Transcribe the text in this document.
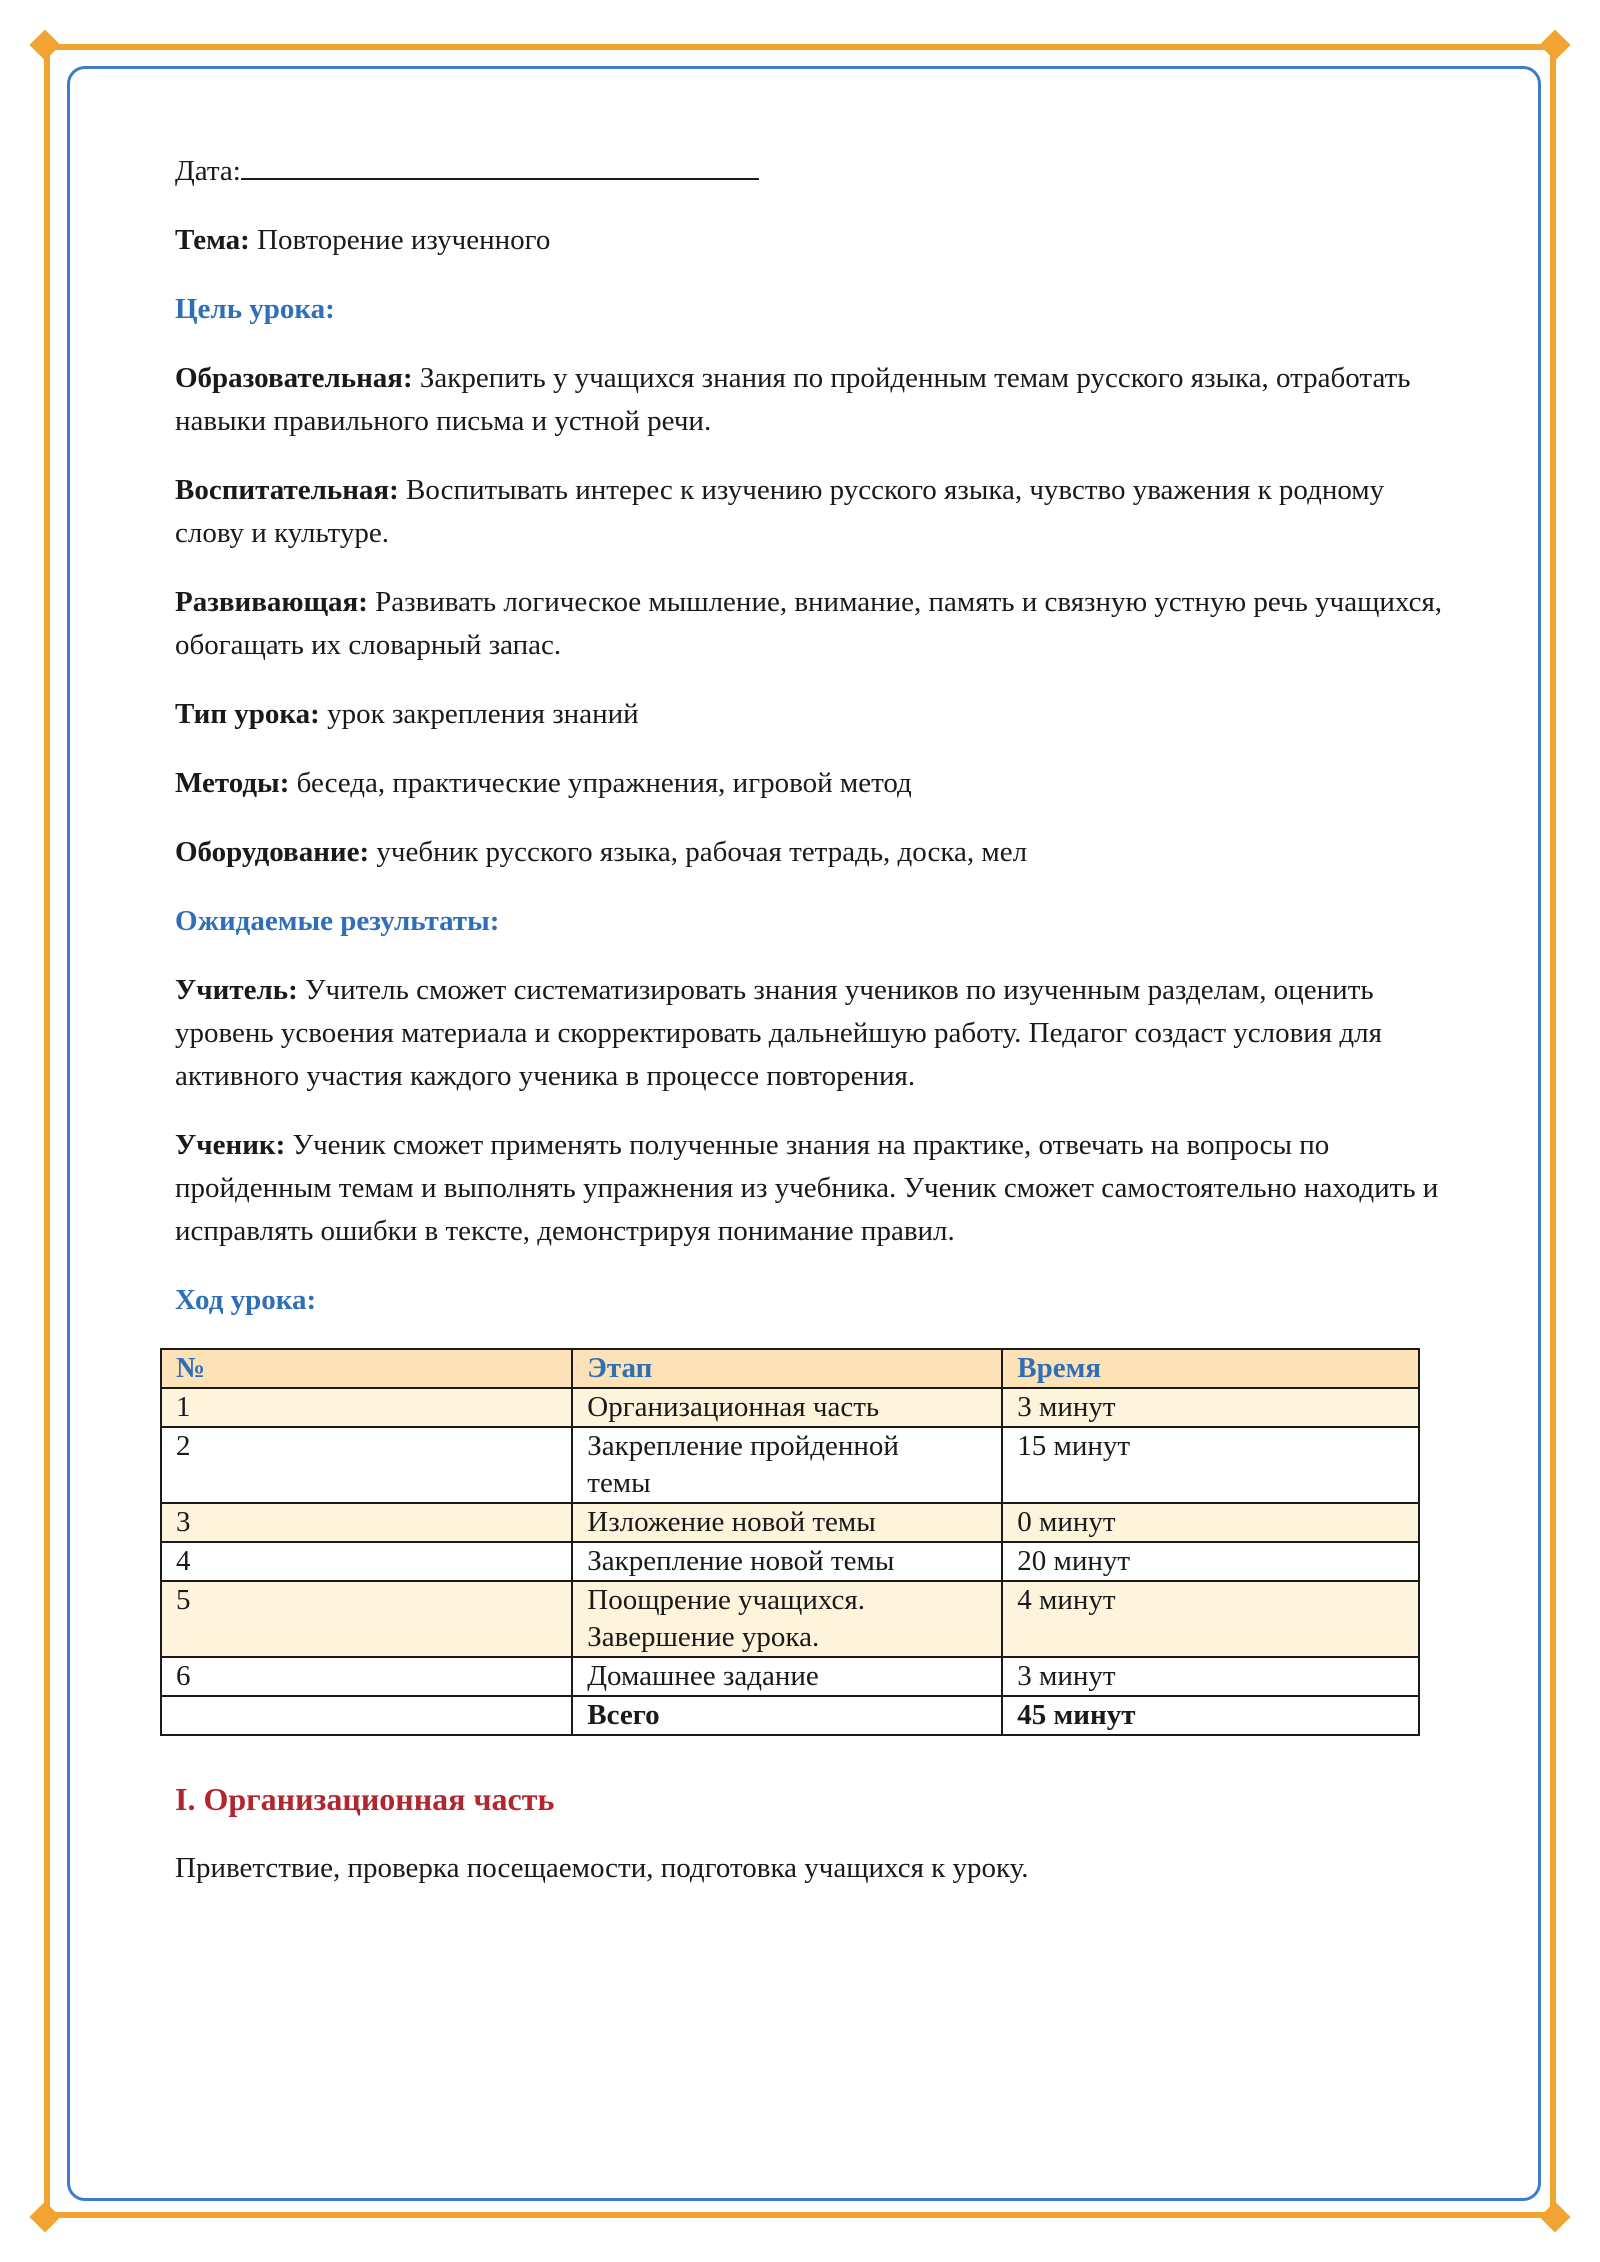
Дата:

Тема: Повторение изученного

Цель урока:

Образовательная: Закрепить у учащихся знания по пройденным темам русского языка, отработать навыки правильного письма и устной речи.

Воспитательная: Воспитывать интерес к изучению русского языка, чувство уважения к родному слову и культуре.

Развивающая: Развивать логическое мышление, внимание, память и связную устную речь учащихся, обогащать их словарный запас.

Тип урока: урок закрепления знаний

Методы: беседа, практические упражнения, игровой метод

Оборудование: учебник русского языка, рабочая тетрадь, доска, мел

Ожидаемые результаты:

Учитель: Учитель сможет систематизировать знания учеников по изученным разделам, оценить уровень усвоения материала и скорректировать дальнейшую работу. Педагог создаст условия для активного участия каждого ученика в процессе повторения.

Ученик: Ученик сможет применять полученные знания на практике, отвечать на вопросы по пройденным темам и выполнять упражнения из учебника. Ученик сможет самостоятельно находить и исправлять ошибки в тексте, демонстрируя понимание правил.

Ход урока:

№	Этап	Время
1	Организационная часть	3 минут
2	Закрепление пройденной темы	15 минут
3	Изложение новой темы	0 минут
4	Закрепление новой темы	20 минут
5	Поощрение учащихся. Завершение урока.	4 минут
6	Домашнее задание	3 минут
	Всего	45 минут

I. Организационная часть

Приветствие, проверка посещаемости, подготовка учащихся к уроку.
